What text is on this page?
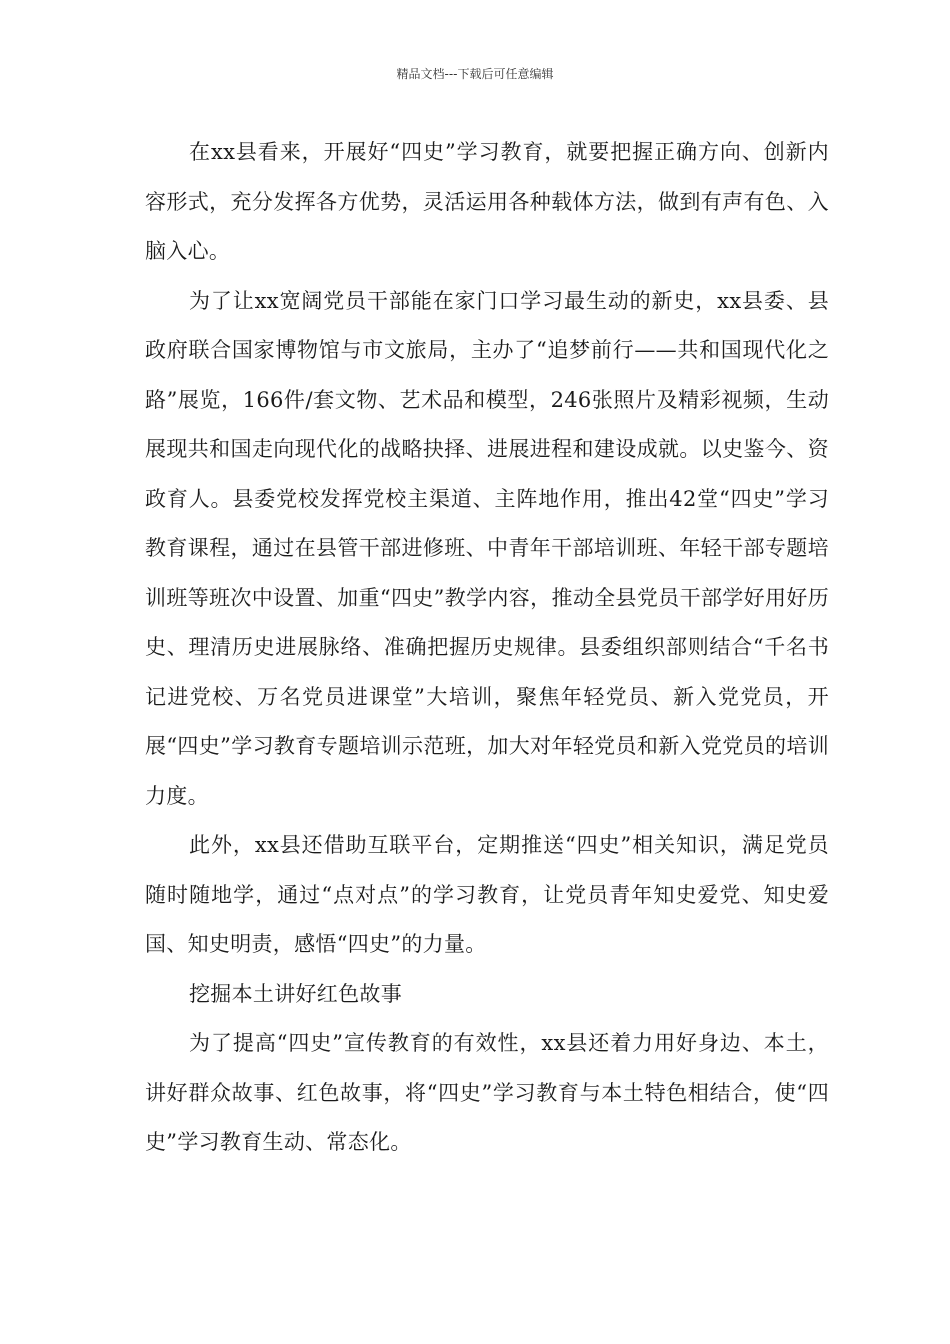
精品文档---下载后可任意编辑

在xx县看来，开展好“四史”学习教育，就要把握正确方向、创新内容形式，充分发挥各方优势，灵活运用各种载体方法，做到有声有色、入脑入心。

为了让xx宽阔党员干部能在家门口学习最生动的新史，xx县委、县政府联合国家博物馆与市文旅局，主办了“追梦前行——共和国现代化之路”展览，166件/套文物、艺术品和模型，246张照片及精彩视频，生动展现共和国走向现代化的战略抉择、进展进程和建设成就。以史鉴今、资政育人。县委党校发挥党校主渠道、主阵地作用，推出42堂“四史”学习教育课程，通过在县管干部进修班、中青年干部培训班、年轻干部专题培训班等班次中设置、加重“四史”教学内容，推动全县党员干部学好用好历史、理清历史进展脉络、准确把握历史规律。县委组织部则结合“千名书记进党校、万名党员进课堂”大培训，聚焦年轻党员、新入党党员，开展“四史”学习教育专题培训示范班，加大对年轻党员和新入党党员的培训力度。

此外，xx县还借助互联平台，定期推送“四史”相关知识，满足党员随时随地学，通过“点对点”的学习教育，让党员青年知史爱党、知史爱国、知史明责，感悟“四史”的力量。

挖掘本土讲好红色故事

为了提高“四史”宣传教育的有效性，xx县还着力用好身边、本土，讲好群众故事、红色故事，将“四史”学习教育与本土特色相结合，使“四史”学习教育生动、常态化。
